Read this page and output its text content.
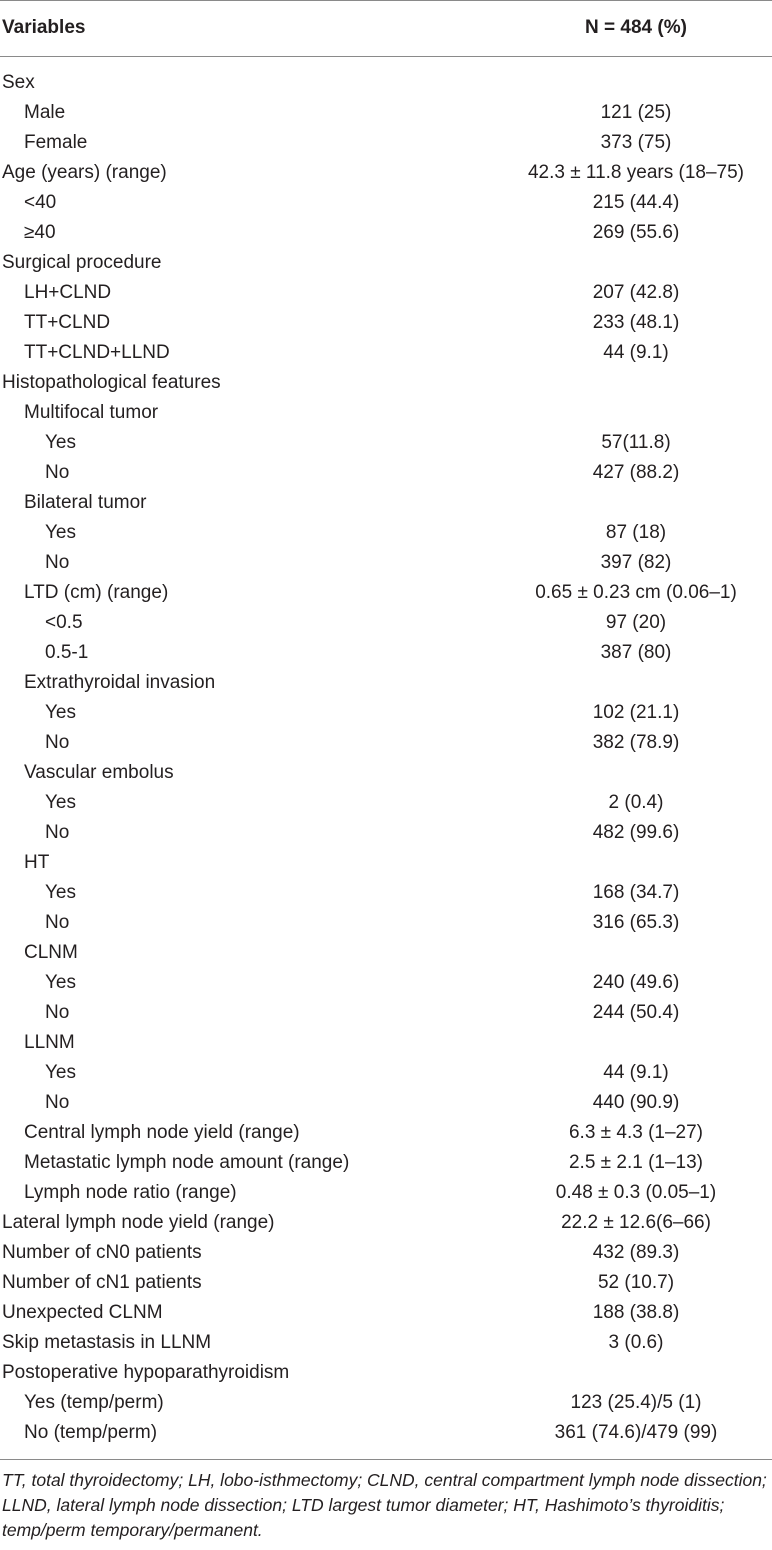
Variables	N = 484 (%)
Sex
Male	121 (25)
Female	373 (75)
Age (years) (range)	42.3 ± 11.8 years (18–75)
<40	215 (44.4)
≥40	269 (55.6)
Surgical procedure
LH+CLND	207 (42.8)
TT+CLND	233 (48.1)
TT+CLND+LLND	44 (9.1)
Histopathological features
Multifocal tumor
Yes	57(11.8)
No	427 (88.2)
Bilateral tumor
Yes	87 (18)
No	397 (82)
LTD (cm) (range)	0.65 ± 0.23 cm (0.06–1)
<0.5	97 (20)
0.5-1	387 (80)
Extrathyroidal invasion
Yes	102 (21.1)
No	382 (78.9)
Vascular embolus
Yes	2 (0.4)
No	482 (99.6)
HT
Yes	168 (34.7)
No	316 (65.3)
CLNM
Yes	240 (49.6)
No	244 (50.4)
LLNM
Yes	44 (9.1)
No	440 (90.9)
Central lymph node yield (range)	6.3 ± 4.3 (1–27)
Metastatic lymph node amount (range)	2.5 ± 2.1 (1–13)
Lymph node ratio (range)	0.48 ± 0.3 (0.05–1)
Lateral lymph node yield (range)	22.2 ± 12.6(6–66)
Number of cN0 patients	432 (89.3)
Number of cN1 patients	52 (10.7)
Unexpected CLNM	188 (38.8)
Skip metastasis in LLNM	3 (0.6)
Postoperative hypoparathyroidism
Yes (temp/perm)	123 (25.4)/5 (1)
No (temp/perm)	361 (74.6)/479 (99)
TT, total thyroidectomy; LH, lobo-isthmectomy; CLND, central compartment lymph node dissection; LLND, lateral lymph node dissection; LTD largest tumor diameter; HT, Hashimoto’s thyroiditis; temp/perm temporary/permanent.
